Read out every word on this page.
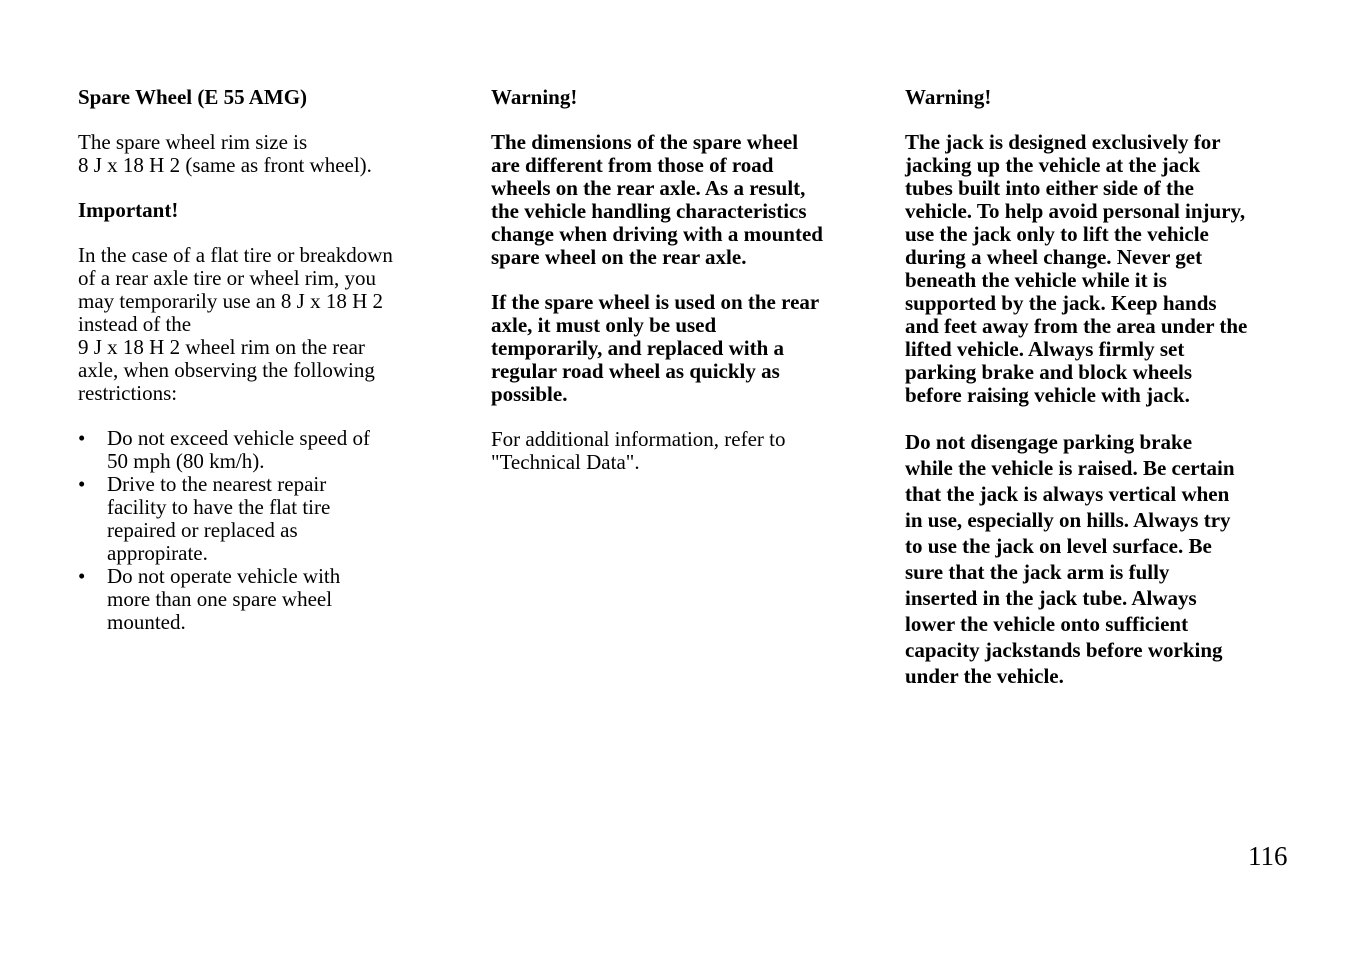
Spare Wheel (E 55 AMG)
The spare wheel rim size is
8 J x 18 H 2 (same as front wheel).
Important!
In the case of a flat tire or breakdown
of a rear axle tire or wheel rim, you
may temporarily use an 8 J x 18 H 2
instead of the
9 J x 18 H 2 wheel rim on the rear
axle, when observing the following
restrictions:
• Do not exceed vehicle speed of
50 mph (80 km/h).
• Drive to the nearest repair
facility to have the flat tire
repaired or replaced as
appropirate.
• Do not operate vehicle with
more than one spare wheel
mounted.
Warning!
The dimensions of the spare wheel
are different from those of road
wheels on the rear axle. As a result,
the vehicle handling characteristics
change when driving with a mounted
spare wheel on the rear axle.
If the spare wheel is used on the rear
axle, it must only be used
temporarily, and replaced with a
regular road wheel as quickly as
possible.
For additional information, refer to
"Technical Data".
Warning!
The jack is designed exclusively for
jacking up the vehicle at the jack
tubes built into either side of the
vehicle. To help avoid personal injury,
use the jack only to lift the vehicle
during a wheel change. Never get
beneath the vehicle while it is
supported by the jack. Keep hands
and feet away from the area under the
lifted vehicle. Always firmly set
parking brake and block wheels
before raising vehicle with jack.
Do not disengage parking brake
while the vehicle is raised. Be certain
that the jack is always vertical when
in use, especially on hills. Always try
to use the jack on level surface. Be
sure that the jack arm is fully
inserted in the jack tube. Always
lower the vehicle onto sufficient
capacity jackstands before working
under the vehicle.
116
